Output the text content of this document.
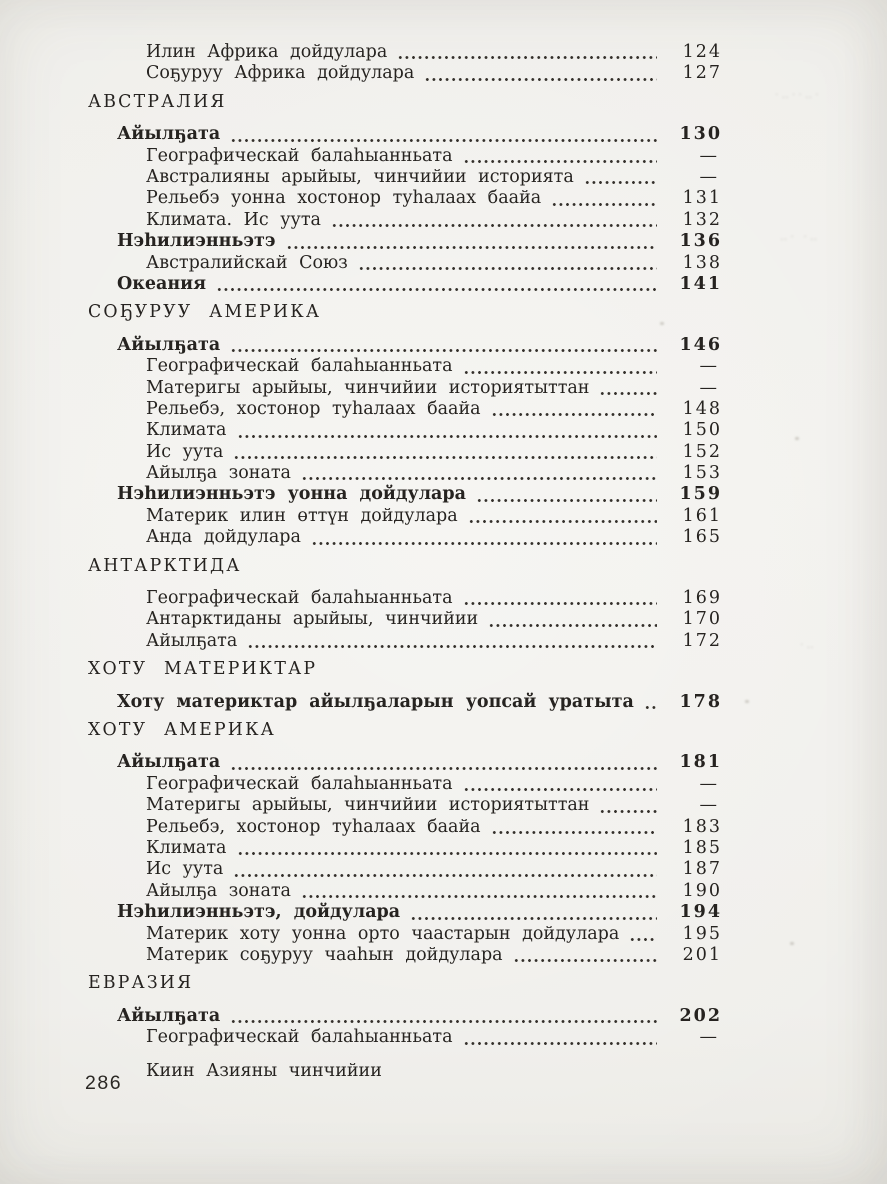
Илин Африка дойдулара	124
Соҕуруу Африка дойдулара	127
АВСТРАЛИЯ
Айылҕата	130
Географическай балаһыанньата	—
Австралияны арыйыы, чинчийии историята	—
Рельебэ уонна хостонор туһалаах баайа	131
Климата. Ис уута	132
Нэһилиэнньэтэ	136
Австралийскай Союз	138
Океания	141
СОҔУРУУ АМЕРИКА
Айылҕата	146
Географическай балаһыанньата	—
Материгы арыйыы, чинчийии историятыттан	—
Рельебэ, хостонор туһалаах баайа	148
Климата	150
Ис уута	152
Айылҕа зоната	153
Нэһилиэнньэтэ уонна дойдулара	159
Материк илин өттүн дойдулара	161
Анда дойдулара	165
АНТАРКТИДА
Географическай балаһыанньата	169
Антарктиданы арыйыы, чинчийии	170
Айылҕата	172
ХОТУ МАТЕРИКТАР
Хоту материктар айылҕаларын уопсай уратыта	178
ХОТУ АМЕРИКА
Айылҕата	181
Географическай балаһыанньата	—
Материгы арыйыы, чинчийии историятыттан	—
Рельебэ, хостонор туһалаах баайа	183
Климата	185
Ис уута	187
Айылҕа зоната	190
Нэһилиэнньэтэ, дойдулара	194
Материк хоту уонна орто чаастарын дойдулара	195
Материк соҕуруу чааһын дойдулара	201
ЕВРАЗИЯ
Айылҕата	202
Географическай балаһыанньата	—
Киин Азияны чинчийии
286
·‥··‥·
‥· ·‥
·‥
